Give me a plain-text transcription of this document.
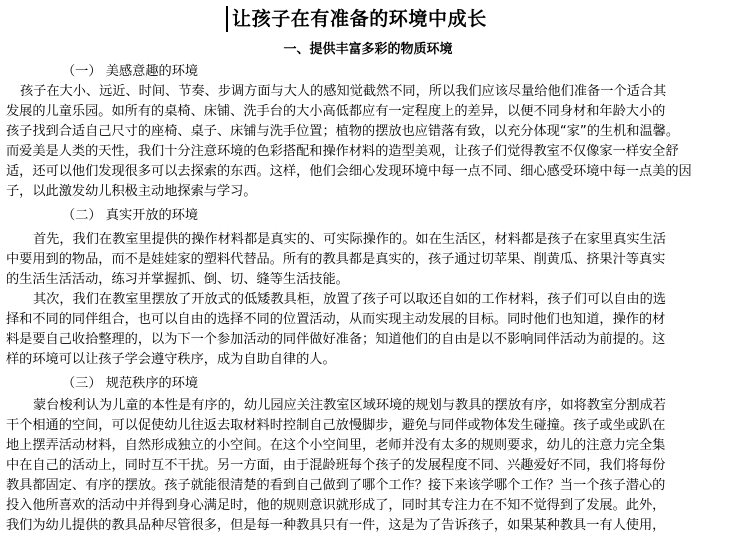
让孩子在有准备的环境中成长
一、提供丰富多彩的物质环境
（一） 美感意趣的环境
孩子在大小、远近、时间、节奏、步调方面与大人的感知觉截然不同，所以我们应该尽量给他们准备一个适合其
发展的儿童乐园。如所有的桌椅、床铺、洗手台的大小高低都应有一定程度上的差异，以便不同身材和年龄大小的
孩子找到合适自己尺寸的座椅、桌子、床铺与洗手位置；植物的摆放也应错落有致，以充分体现“家”的生机和温馨。
而爱美是人类的天性，我们十分注意环境的色彩搭配和操作材料的造型美观，让孩子们觉得教室不仅像家一样安全舒
适，还可以他们发现很多可以去探索的东西。这样，他们会细心发现环境中每一点不同、细心感受环境中每一点美的因
子，以此激发幼儿积极主动地探索与学习。
（二） 真实开放的环境
首先，我们在教室里提供的操作材料都是真实的、可实际操作的。如在生活区，材料都是孩子在家里真实生活
中要用到的物品，而不是娃娃家的塑料代替品。所有的教具都是真实的，孩子通过切苹果、削黄瓜、挤果汁等真实
的生活生活活动，练习并掌握抓、倒、切、缝等生活技能。
其次，我们在教室里摆放了开放式的低矮教具柜，放置了孩子可以取还自如的工作材料，孩子们可以自由的选
择和不同的同伴组合，也可以自由的选择不同的位置活动，从而实现主动发展的目标。同时他们也知道，操作的材
料是要自己收拾整理的，以为下一个参加活动的同伴做好准备；知道他们的自由是以不影响同伴活动为前提的。这
样的环境可以让孩子学会遵守秩序，成为自助自律的人。
（三） 规范秩序的环境
蒙台梭利认为儿童的本性是有序的，幼儿园应关注教室区域环境的规划与教具的摆放有序，如将教室分割成若
干个相通的空间，可以促使幼儿往返去取材料时控制自己放慢脚步，避免与同伴或物体发生碰撞。孩子或坐或趴在
地上摆弄活动材料，自然形成独立的小空间。在这个小空间里，老师并没有太多的规则要求，幼儿的注意力完全集
中在自己的活动上，同时互不干扰。另一方面，由于混龄班每个孩子的发展程度不同、兴趣爱好不同，我们将每份
教具都固定、有序的摆放。孩子就能很清楚的看到自己做到了哪个工作？接下来该学哪个工作？当一个孩子潜心的
投入他所喜欢的活动中并得到身心满足时，他的规则意识就形成了，同时其专注力在不知不觉得到了发展。此外，
我们为幼儿提供的教具品种尽管很多，但是每一种教具只有一件，这是为了告诉孩子，如果某种教具一有人使用，
